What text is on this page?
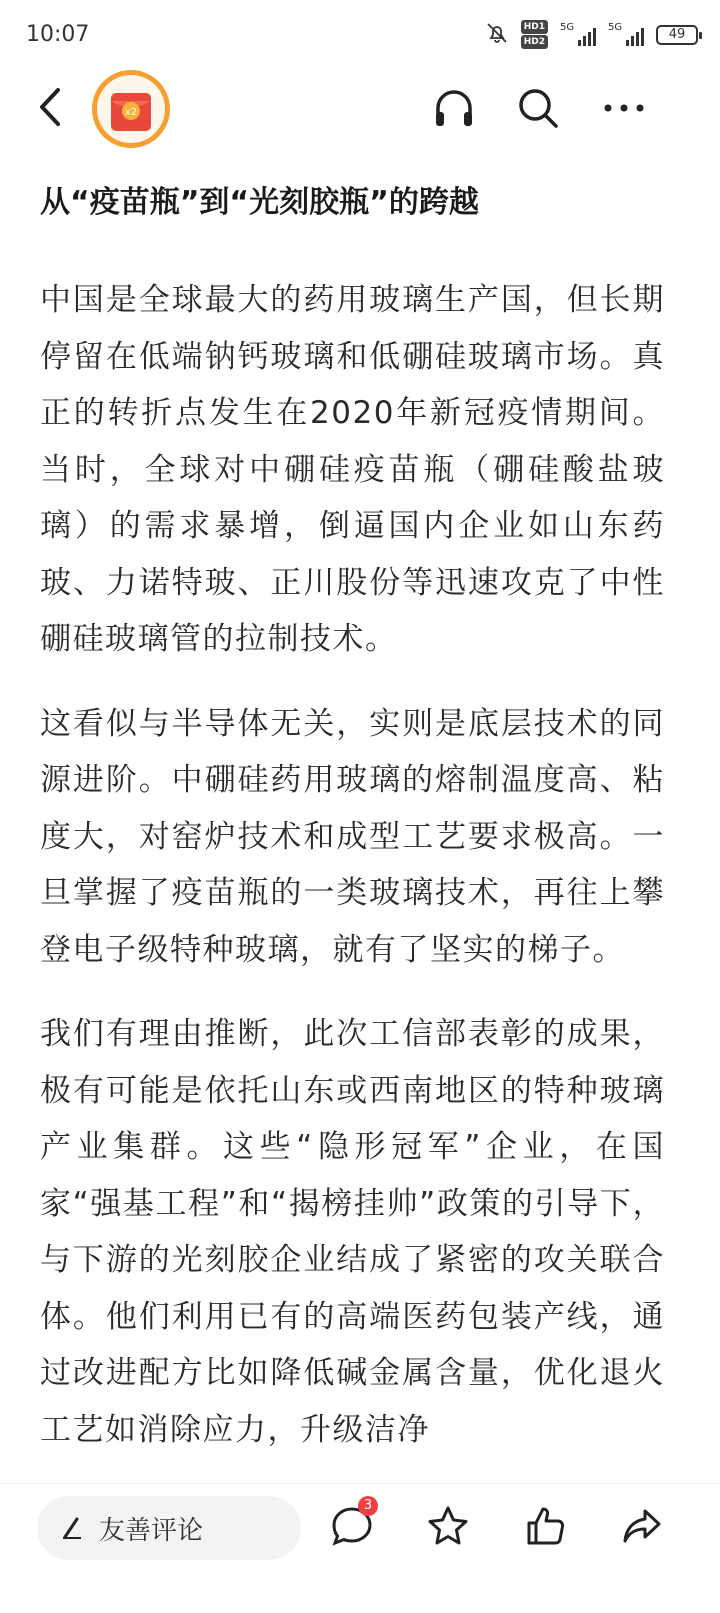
10:07	HD1
HD2
5G	5G	49
x2
从“疫苗瓶”到“光刻胶瓶”的跨越

中国是全球最大的药用玻璃生产国，但长期停留在低端钠钙玻璃和低硼硅玻璃市场。真正的转折点发生在2020年新冠疫情期间。当时，全球对中硼硅疫苗瓶（硼硅酸盐玻璃）的需求暴增，倒逼国内企业如山东药玻、力诺特玻、正川股份等迅速攻克了中性硼硅玻璃管的拉制技术。

这看似与半导体无关，实则是底层技术的同源进阶。中硼硅药用玻璃的熔制温度高、粘度大，对窑炉技术和成型工艺要求极高。一旦掌握了疫苗瓶的一类玻璃技术，再往上攀登电子级特种玻璃，就有了坚实的梯子。

我们有理由推断，此次工信部表彰的成果，极有可能是依托山东或西南地区的特种玻璃产业集群。这些“隐形冠军”企业，在国家“强基工程”和“揭榜挂帅”政策的引导下，与下游的光刻胶企业结成了紧密的攻关联合体。他们利用已有的高端医药包装产线，通过改进配方比如降低碱金属含量，优化退火工艺如消除应力，升级洁净

友善评论
3
